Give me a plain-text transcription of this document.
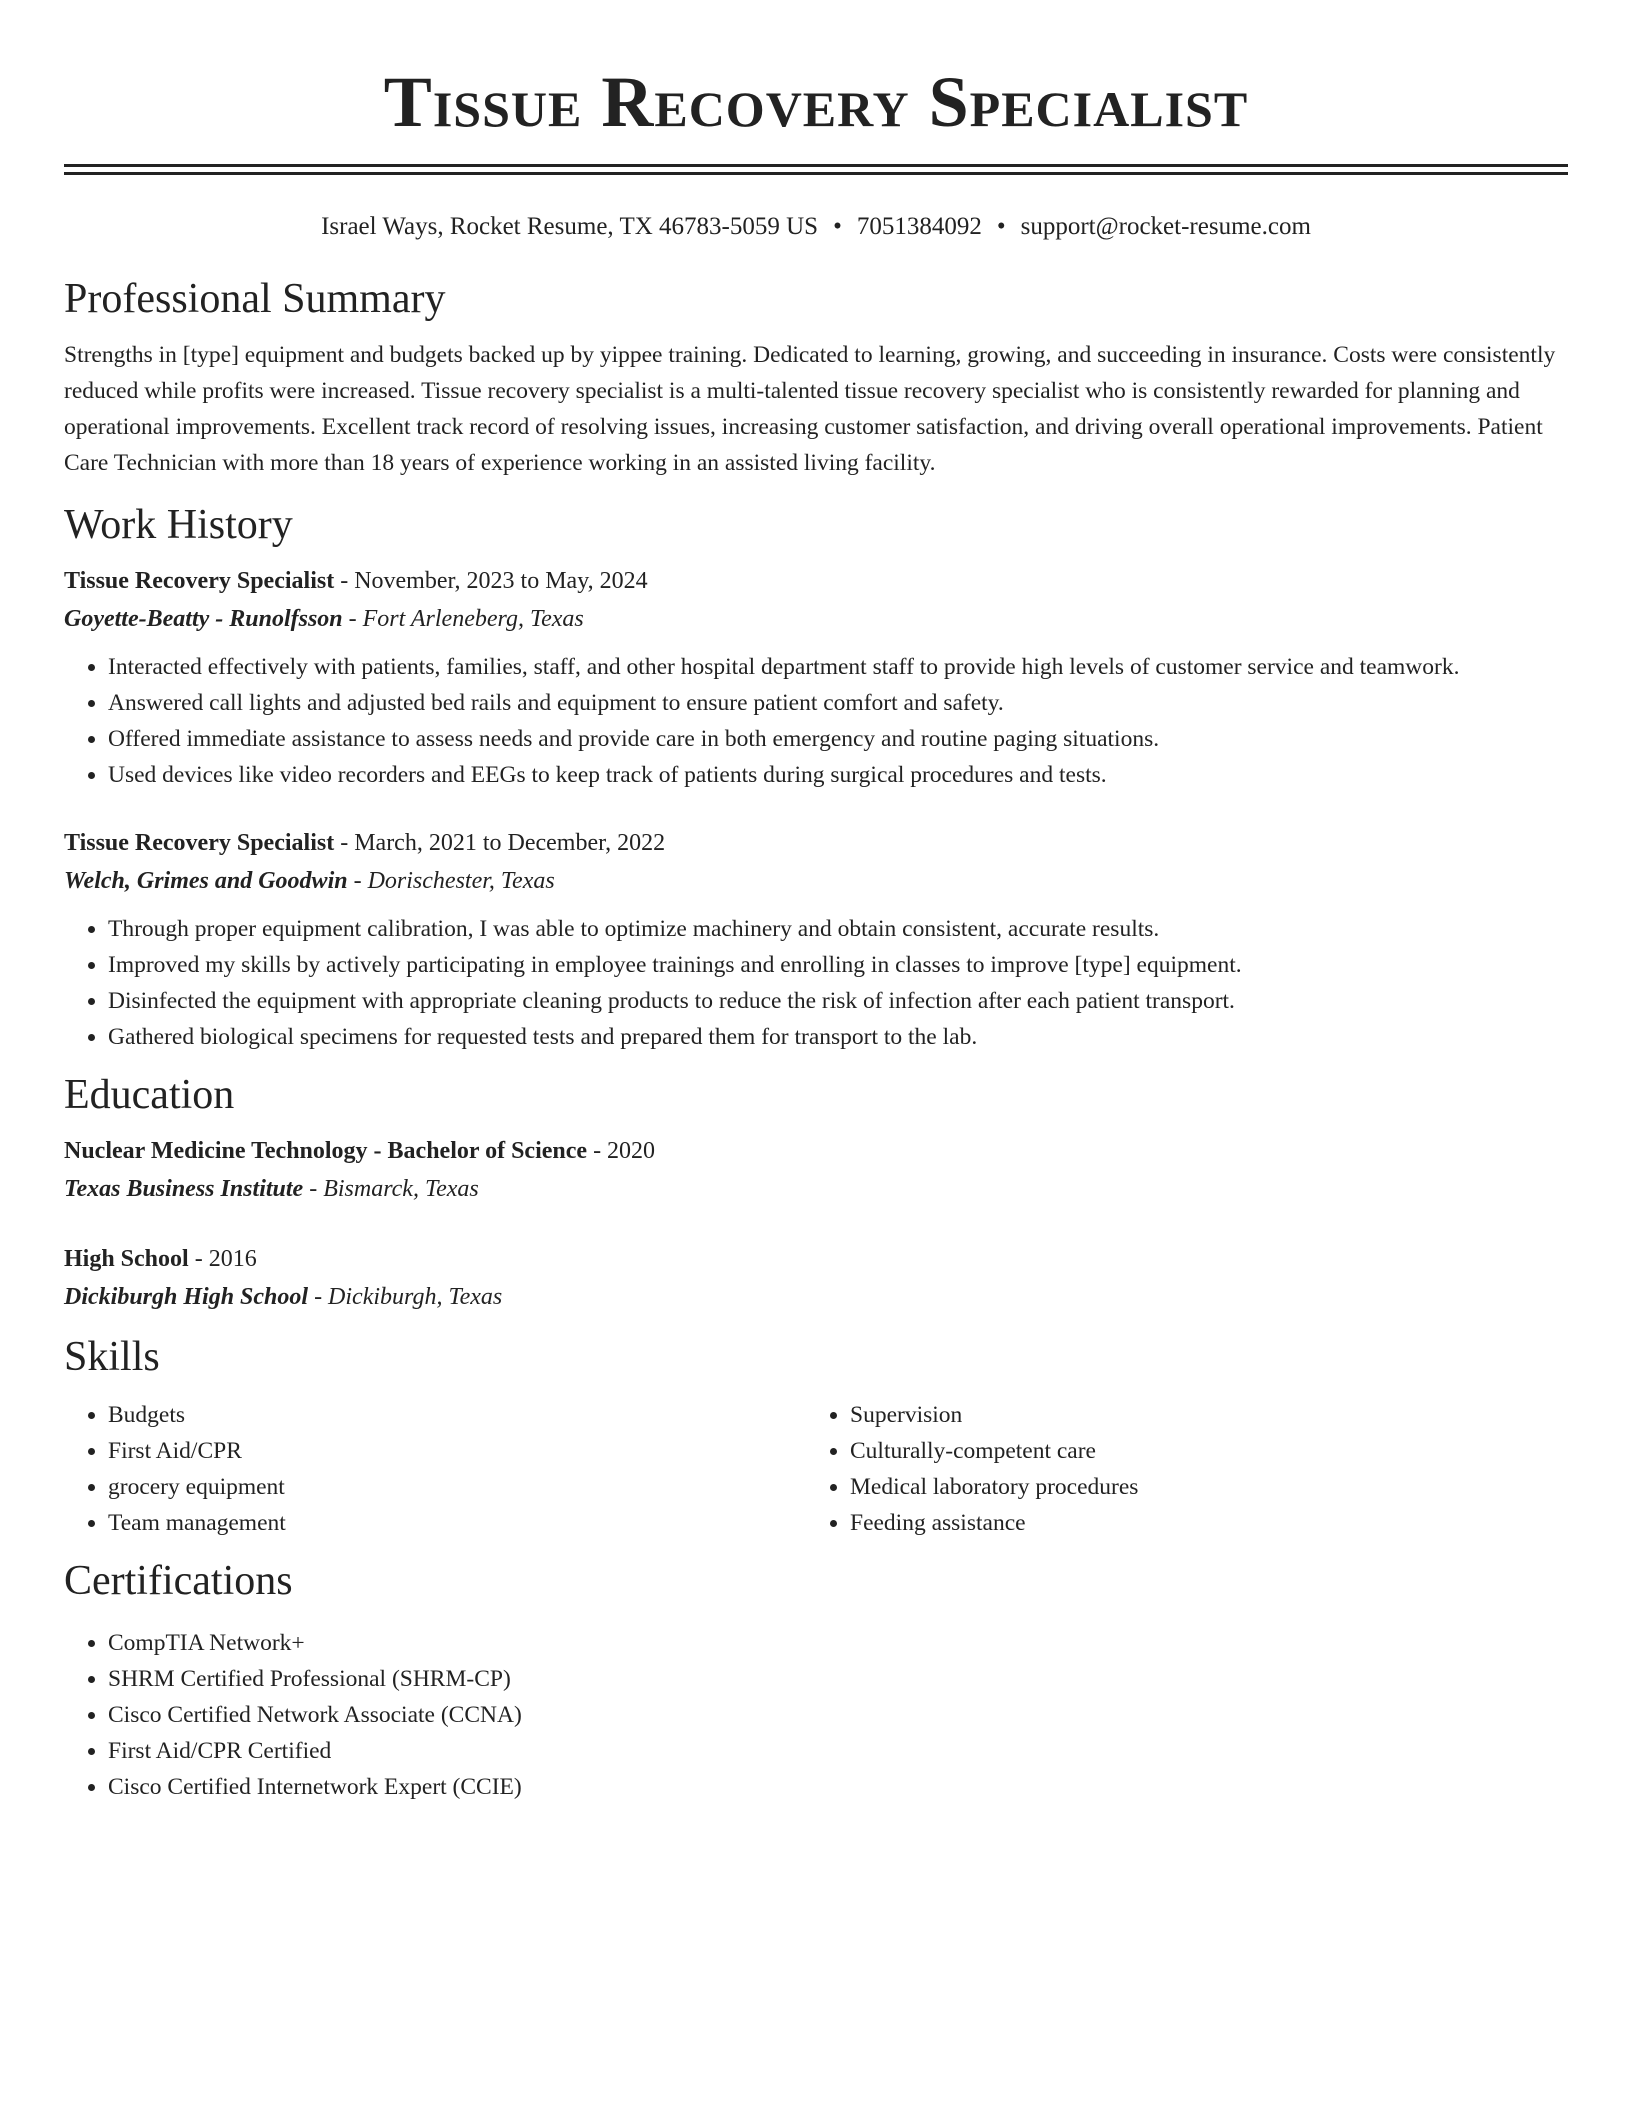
Tissue Recovery Specialist
Israel Ways, Rocket Resume, TX 46783-5059 US • 7051384092 • support@rocket-resume.com
Professional Summary

Strengths in [type] equipment and budgets backed up by yippee training. Dedicated to learning, growing, and succeeding in insurance. Costs were consistently reduced while profits were increased. Tissue recovery specialist is a multi-talented tissue recovery specialist who is consistently rewarded for planning and operational improvements. Excellent track record of resolving issues, increasing customer satisfaction, and driving overall operational improvements. Patient Care Technician with more than 18 years of experience working in an assisted living facility.

Work History
Tissue Recovery Specialist - November, 2023 to May, 2024
Goyette-Beatty - Runolfsson - Fort Arleneberg, Texas
• Interacted effectively with patients, families, staff, and other hospital department staff to provide high levels of customer service and teamwork.
• Answered call lights and adjusted bed rails and equipment to ensure patient comfort and safety.
• Offered immediate assistance to assess needs and provide care in both emergency and routine paging situations.
• Used devices like video recorders and EEGs to keep track of patients during surgical procedures and tests.
Tissue Recovery Specialist - March, 2021 to December, 2022
Welch, Grimes and Goodwin - Dorischester, Texas
• Through proper equipment calibration, I was able to optimize machinery and obtain consistent, accurate results.
• Improved my skills by actively participating in employee trainings and enrolling in classes to improve [type] equipment.
• Disinfected the equipment with appropriate cleaning products to reduce the risk of infection after each patient transport.
• Gathered biological specimens for requested tests and prepared them for transport to the lab.
Education
Nuclear Medicine Technology - Bachelor of Science - 2020
Texas Business Institute - Bismarck, Texas
High School - 2016
Dickiburgh High School - Dickiburgh, Texas
Skills
• Budgets
• First Aid/CPR
• grocery equipment
• Team management
• Supervision
• Culturally-competent care
• Medical laboratory procedures
• Feeding assistance
Certifications
• CompTIA Network+
• SHRM Certified Professional (SHRM-CP)
• Cisco Certified Network Associate (CCNA)
• First Aid/CPR Certified
• Cisco Certified Internetwork Expert (CCIE)
